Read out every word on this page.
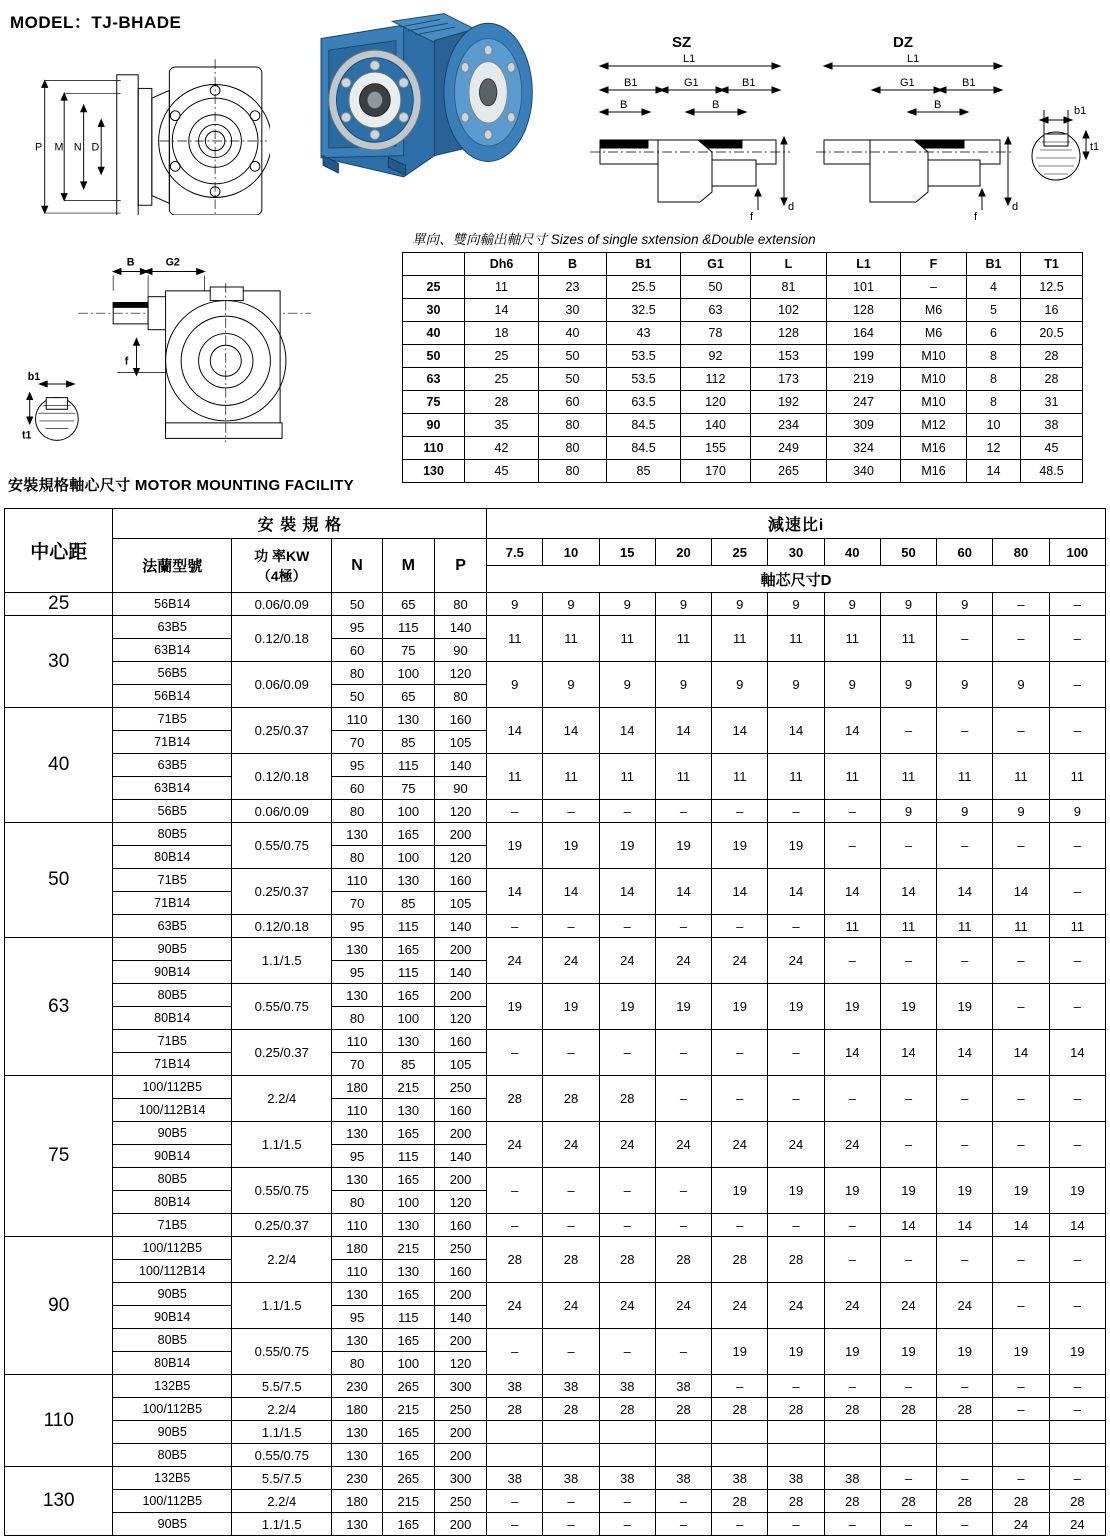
MODEL：TJ-BHADE
P M N D
SZ	DZ
L1
B1	G1	B1
B	B
f
d
L1
G1	B1
B
f
d
b1
t1
B	G2
f
b1
t1
單向、雙向輸出軸尺寸 Sizes of single sxtension &Double extension
	Dh6	B	B1	G1	L	L1	F	B1	T1
25	11	23	25.5	50	81	101	–	4	12.5
30	14	30	32.5	63	102	128	M6	5	16
40	18	40	43	78	128	164	M6	6	20.5
50	25	50	53.5	92	153	199	M10	8	28
63	25	50	53.5	112	173	219	M10	8	28
75	28	60	63.5	120	192	247	M10	8	31
90	35	80	84.5	140	234	309	M12	10	38
110	42	80	84.5	155	249	324	M16	12	45
130	45	80	85	170	265	340	M16	14	48.5
安裝規格軸心尺寸 MOTOR MOUNTING FACILITY
中心距	安 裝 規 格					減速比i										
	法蘭型號	功 率KW
（4極）	N	M	P	7.5	10	15	20	25	30	40	50	60	80	100
						軸芯尺寸D										
25	56B14	0.06/0.09	50	65	80	9	9	9	9	9	9	9	9	9	–	–
30	63B5	0.12/0.18	95	115	140	11	11	11	11	11	11	11	11	–	–	–
	63B14		60	75	90											
	56B5	0.06/0.09	80	100	120	9	9	9	9	9	9	9	9	9	9	–
	56B14		50	65	80											
40	71B5	0.25/0.37	110	130	160	14	14	14	14	14	14	14	–	–	–	–
	71B14		70	85	105											
	63B5	0.12/0.18	95	115	140	11	11	11	11	11	11	11	11	11	11	11
	63B14		60	75	90											
	56B5	0.06/0.09	80	100	120	–	–	–	–	–	–	–	9	9	9	9
50	80B5	0.55/0.75	130	165	200	19	19	19	19	19	19	–	–	–	–	–
	80B14		80	100	120											
	71B5	0.25/0.37	110	130	160	14	14	14	14	14	14	14	14	14	14	–
	71B14		70	85	105											
	63B5	0.12/0.18	95	115	140	–	–	–	–	–	–	11	11	11	11	11
63	90B5	1.1/1.5	130	165	200	24	24	24	24	24	24	–	–	–	–	–
	90B14		95	115	140											
	80B5	0.55/0.75	130	165	200	19	19	19	19	19	19	19	19	19	–	–
	80B14		80	100	120											
	71B5	0.25/0.37	110	130	160	–	–	–	–	–	–	14	14	14	14	14
	71B14		70	85	105											
75	100/112B5	2.2/4	180	215	250	28	28	28	–	–	–	–	–	–	–	–
	100/112B14		110	130	160											
	90B5	1.1/1.5	130	165	200	24	24	24	24	24	24	24	–	–	–	–
	90B14		95	115	140											
	80B5	0.55/0.75	130	165	200	–	–	–	–	19	19	19	19	19	19	19
	80B14		80	100	120											
	71B5	0.25/0.37	110	130	160	–	–	–	–	–	–	–	14	14	14	14
90	100/112B5	2.2/4	180	215	250	28	28	28	28	28	28	–	–	–	–	–
	100/112B14		110	130	160											
	90B5	1.1/1.5	130	165	200	24	24	24	24	24	24	24	24	24	–	–
	90B14		95	115	140											
	80B5	0.55/0.75	130	165	200	–	–	–	–	19	19	19	19	19	19	19
	80B14		80	100	120											
110	132B5	5.5/7.5	230	265	300	38	38	38	38	–	–	–	–	–	–	–
	100/112B5	2.2/4	180	215	250	28	28	28	28	28	28	28	28	28	–	–
	90B5	1.1/1.5	130	165	200											
	80B5	0.55/0.75	130	165	200											
130	132B5	5.5/7.5	230	265	300	38	38	38	38	38	38	38	–	–	–	–
	100/112B5	2.2/4	180	215	250	–	–	–	–	28	28	28	28	28	28	28
	90B5	1.1/1.5	130	165	200	–	–	–	–	–	–	–	–	–	24	24
